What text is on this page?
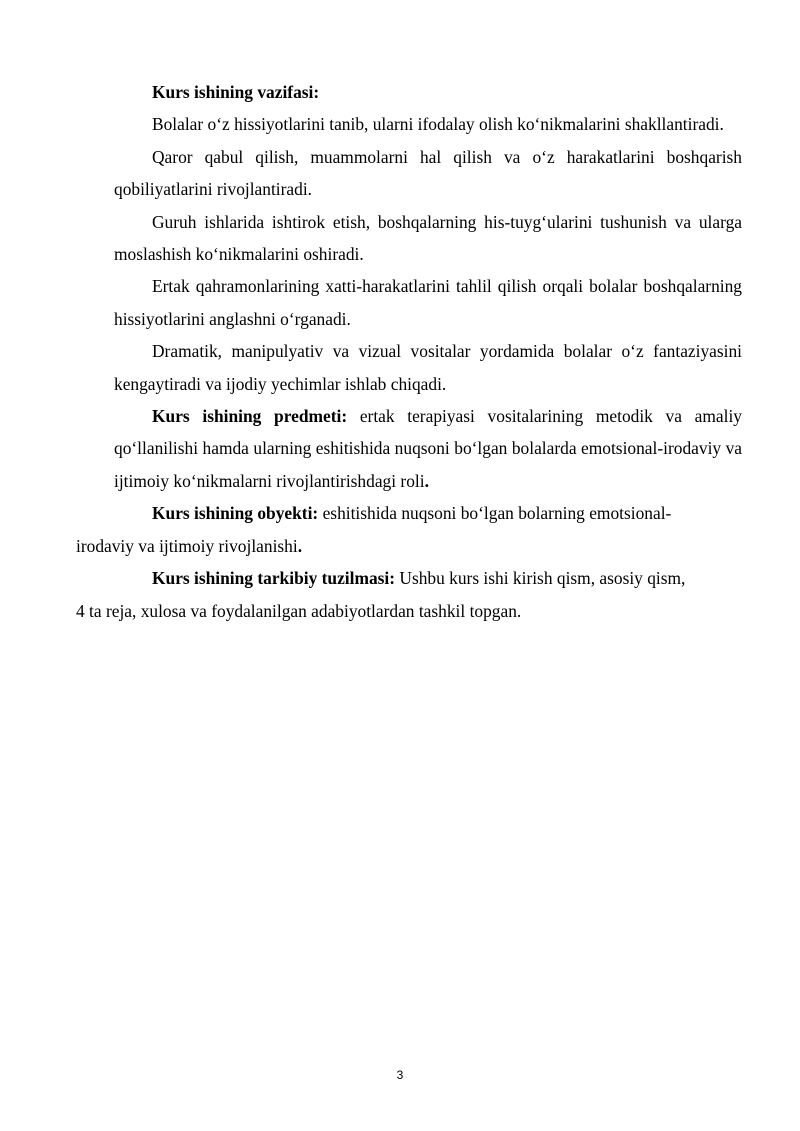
Kurs ishining vazifasi:

Bolalar o‘z hissiyotlarini tanib, ularni ifodalay olish ko‘nikmalarini shakllantiradi.

Qaror qabul qilish, muammolarni hal qilish va o‘z harakatlarini boshqarish qobiliyatlarini rivojlantiradi.

Guruh ishlarida ishtirok etish, boshqalarning his-tuyg‘ularini tushunish va ularga moslashish ko‘nikmalarini oshiradi.

Ertak qahramonlarining xatti-harakatlarini tahlil qilish orqali bolalar boshqalarning hissiyotlarini anglashni o‘rganadi.

Dramatik, manipulyativ va vizual vositalar yordamida bolalar o‘z fantaziyasini kengaytiradi va ijodiy yechimlar ishlab chiqadi.

Kurs ishining predmeti: ertak terapiyasi vositalarining metodik va amaliy qo‘llanilishi hamda ularning eshitishida nuqsoni bo‘lgan bolalarda emotsional-irodaviy va ijtimoiy ko‘nikmalarni rivojlantirishdagi roli.

Kurs ishining obyekti: eshitishida nuqsoni bo‘lgan bolarning emotsional-
irodaviy va ijtimoiy rivojlanishi.

Kurs ishining tarkibiy tuzilmasi: Ushbu kurs ishi kirish qism, asosiy qism,
4 ta reja, xulosa va foydalanilgan adabiyotlardan tashkil topgan.

3
